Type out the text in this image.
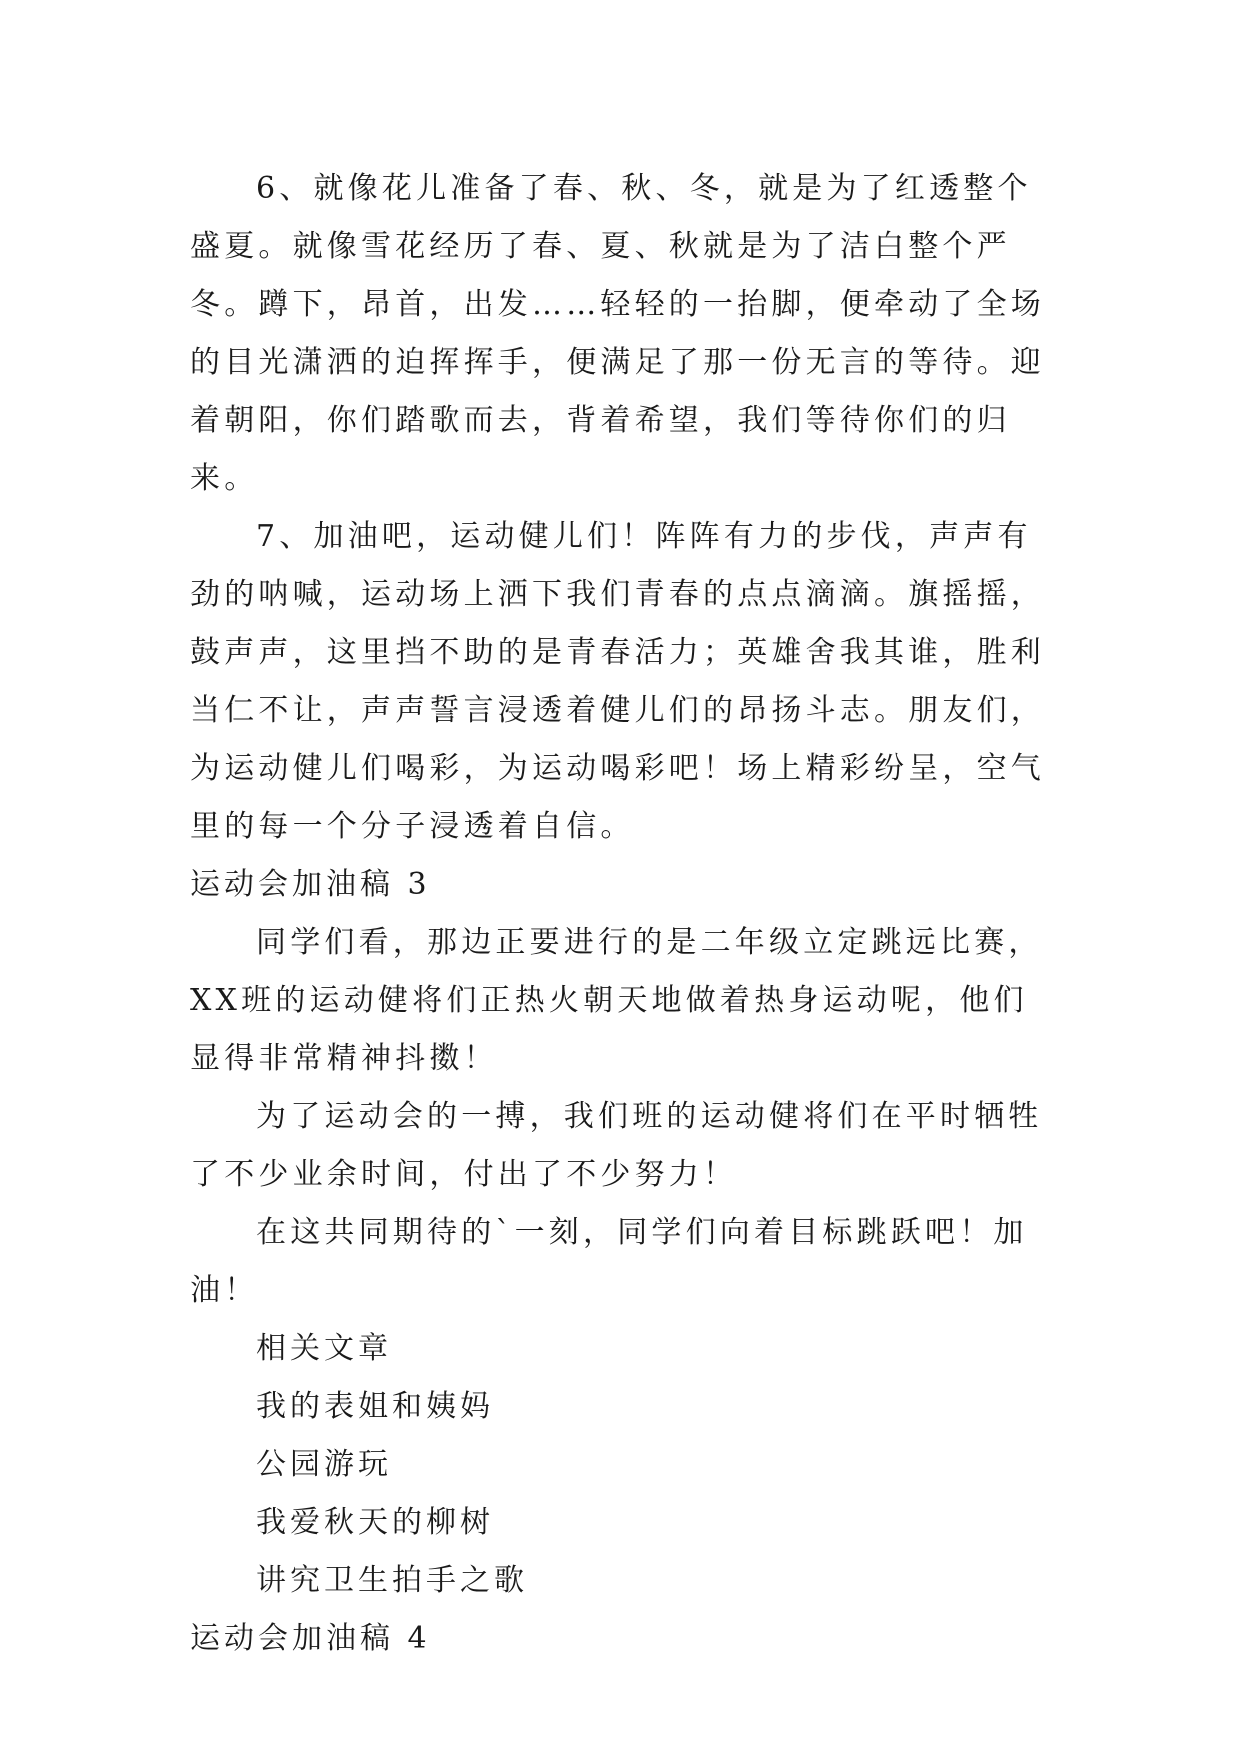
6、就像花儿准备了春、秋、冬，就是为了红透整个盛夏。就像雪花经历了春、夏、秋就是为了洁白整个严冬。蹲下，昂首，出发……轻轻的一抬脚，便牵动了全场的目光潇洒的迫挥挥手，便满足了那一份无言的等待。迎着朝阳，你们踏歌而去，背着希望，我们等待你们的归来。

7、加油吧，运动健儿们！阵阵有力的步伐，声声有劲的呐喊，运动场上洒下我们青春的点点滴滴。旗摇摇，鼓声声，这里挡不助的是青春活力；英雄舍我其谁，胜利当仁不让，声声誓言浸透着健儿们的昂扬斗志。朋友们，为运动健儿们喝彩，为运动喝彩吧！场上精彩纷呈，空气里的每一个分子浸透着自信。

运动会加油稿 3

同学们看，那边正要进行的是二年级立定跳远比赛，XX班的运动健将们正热火朝天地做着热身运动呢，他们显得非常精神抖擞！

为了运动会的一搏，我们班的运动健将们在平时牺牲了不少业余时间，付出了不少努力！

在这共同期待的`一刻，同学们向着目标跳跃吧！加油！

相关文章

我的表姐和姨妈
公园游玩
我爱秋天的柳树
讲究卫生拍手之歌

运动会加油稿 4
